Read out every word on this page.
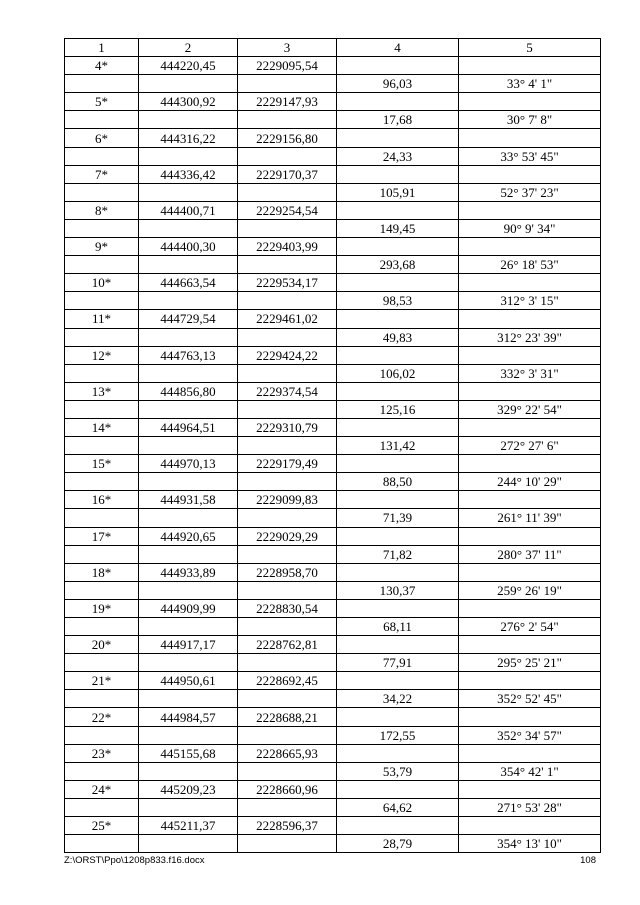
1	2	3	4	5
4*	444220,45	2229095,54		
			96,03	33° 4' 1"
5*	444300,92	2229147,93		
			17,68	30° 7' 8"
6*	444316,22	2229156,80		
			24,33	33° 53' 45"
7*	444336,42	2229170,37		
			105,91	52° 37' 23"
8*	444400,71	2229254,54		
			149,45	90° 9' 34"
9*	444400,30	2229403,99		
			293,68	26° 18' 53"
10*	444663,54	2229534,17		
			98,53	312° 3' 15"
11*	444729,54	2229461,02		
			49,83	312° 23' 39"
12*	444763,13	2229424,22		
			106,02	332° 3' 31"
13*	444856,80	2229374,54		
			125,16	329° 22' 54"
14*	444964,51	2229310,79		
			131,42	272° 27' 6"
15*	444970,13	2229179,49		
			88,50	244° 10' 29"
16*	444931,58	2229099,83		
			71,39	261° 11' 39"
17*	444920,65	2229029,29		
			71,82	280° 37' 11"
18*	444933,89	2228958,70		
			130,37	259° 26' 19"
19*	444909,99	2228830,54		
			68,11	276° 2' 54"
20*	444917,17	2228762,81		
			77,91	295° 25' 21"
21*	444950,61	2228692,45		
			34,22	352° 52' 45"
22*	444984,57	2228688,21		
			172,55	352° 34' 57"
23*	445155,68	2228665,93		
			53,79	354° 42' 1"
24*	445209,23	2228660,96		
			64,62	271° 53' 28"
25*	445211,37	2228596,37		
			28,79	354° 13' 10"
Z:\ORST\Ppo\1208p833.f16.docx	108
